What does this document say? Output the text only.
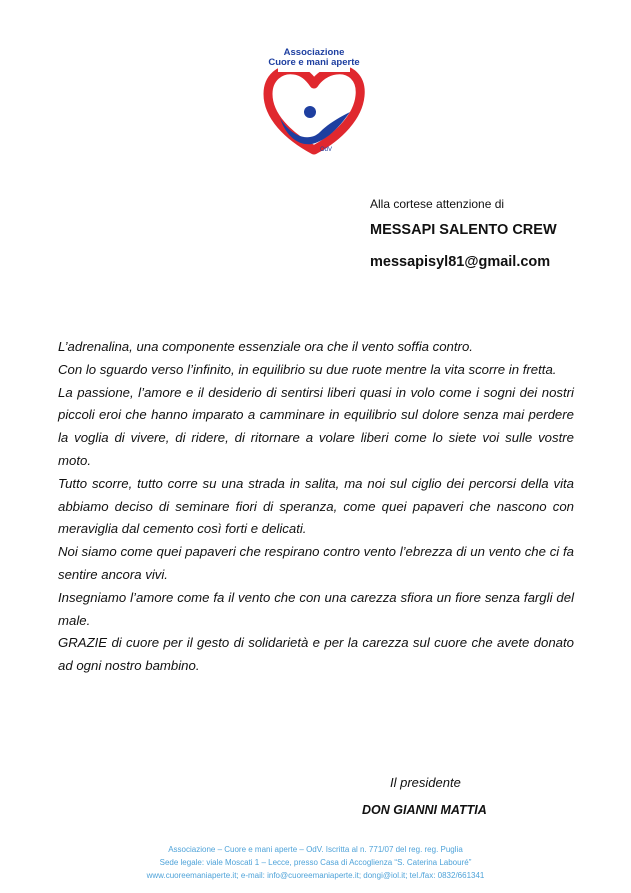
Associazione
Cuore e mani aperte
OdV
Alla cortese attenzione di
MESSAPI SALENTO CREW
messapisyl81@gmail.com

L’adrenalina, una componente essenziale ora che il vento soffia contro.

Con lo sguardo verso l’infinito, in equilibrio su due ruote mentre la vita scorre in fretta.

La passione, l’amore e il desiderio di sentirsi liberi quasi in volo come i sogni dei nostri piccoli eroi che hanno imparato a camminare in equilibrio sul dolore senza mai perdere la voglia di vivere, di ridere, di ritornare a volare liberi come lo siete voi sulle vostre moto.

Tutto scorre, tutto corre su una strada in salita, ma noi sul ciglio dei percorsi della vita abbiamo deciso di seminare fiori di speranza, come quei papaveri che nascono con meraviglia dal cemento così forti e delicati.

Noi siamo come quei papaveri che respirano contro vento l’ebrezza di un vento che ci fa sentire ancora vivi.

Insegniamo l’amore come fa il vento che con una carezza sfiora un fiore senza fargli del male.

GRAZIE di cuore per il gesto di solidarietà e per la carezza sul cuore che avete donato ad ogni nostro bambino.

Il presidente
DON GIANNI MATTIA
Associazione – Cuore e mani aperte – OdV. Iscritta al n. 771/07 del reg. reg. Puglia
Sede legale: viale Moscati 1 – Lecce, presso Casa di Accoglienza “S. Caterina Labouré”
www.cuoreemaniaperte.it; e-mail: info@cuoreemaniaperte.it; dongi@iol.it; tel./fax: 0832/661341
